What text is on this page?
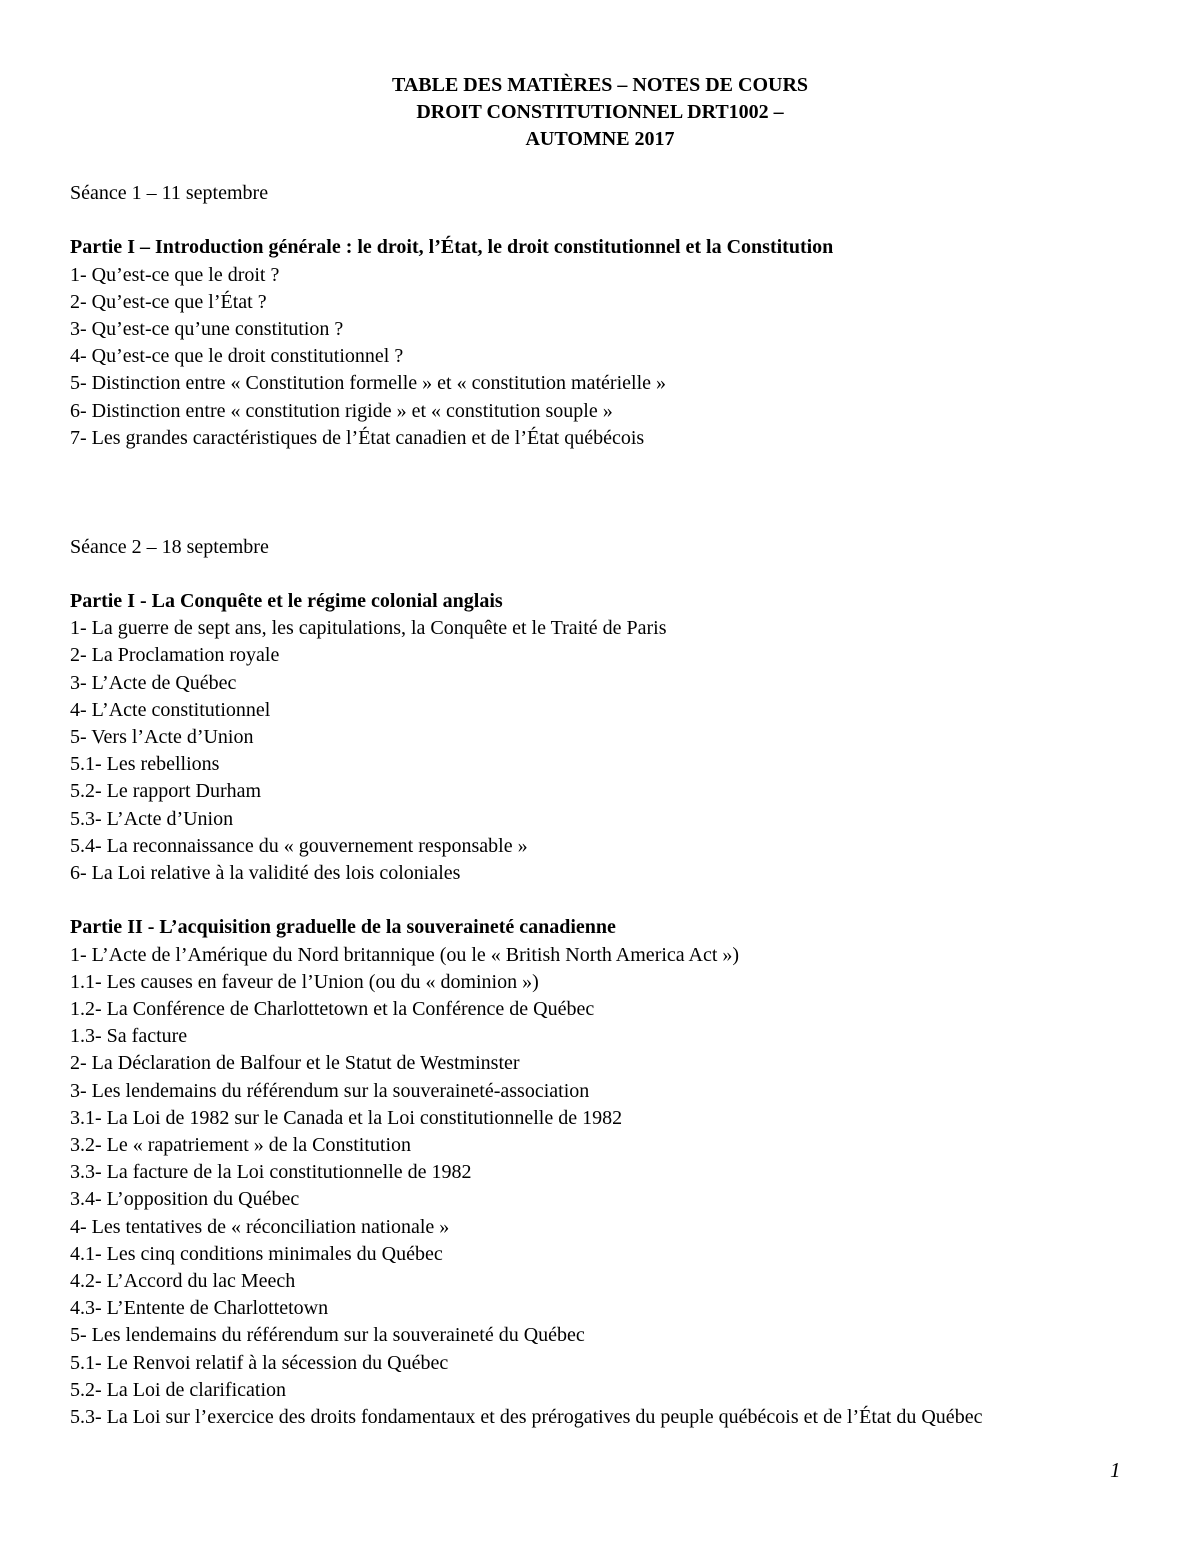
TABLE DES MATIÈRES – NOTES DE COURS
DROIT CONSTITUTIONNEL DRT1002 –
AUTOMNE 2017
Séance 1 – 11 septembre
Partie I – Introduction générale : le droit, l’État, le droit constitutionnel et la Constitution
1- Qu’est-ce que le droit ?
2- Qu’est-ce que l’État ?
3- Qu’est-ce qu’une constitution ?
4- Qu’est-ce que le droit constitutionnel ?
5- Distinction entre « Constitution formelle » et « constitution matérielle »
6- Distinction entre « constitution rigide » et « constitution souple »
7- Les grandes caractéristiques de l’État canadien et de l’État québécois
Séance 2 – 18 septembre
Partie I - La Conquête et le régime colonial anglais
1- La guerre de sept ans, les capitulations, la Conquête et le Traité de Paris
2- La Proclamation royale
3- L’Acte de Québec
4- L’Acte constitutionnel
5- Vers l’Acte d’Union
5.1- Les rebellions
5.2- Le rapport Durham
5.3- L’Acte d’Union
5.4- La reconnaissance du « gouvernement responsable »
6- La Loi relative à la validité des lois coloniales
Partie II - L’acquisition graduelle de la souveraineté canadienne
1- L’Acte de l’Amérique du Nord britannique (ou le « British North America Act »)
1.1- Les causes en faveur de l’Union (ou du « dominion »)
1.2- La Conférence de Charlottetown et la Conférence de Québec
1.3- Sa facture
2- La Déclaration de Balfour et le Statut de Westminster
3- Les lendemains du référendum sur la souveraineté-association
3.1- La Loi de 1982 sur le Canada et la Loi constitutionnelle de 1982
3.2- Le « rapatriement » de la Constitution
3.3- La facture de la Loi constitutionnelle de 1982
3.4- L’opposition du Québec
4- Les tentatives de « réconciliation nationale »
4.1- Les cinq conditions minimales du Québec
4.2- L’Accord du lac Meech
4.3- L’Entente de Charlottetown
5- Les lendemains du référendum sur la souveraineté du Québec
5.1- Le Renvoi relatif à la sécession du Québec
5.2- La Loi de clarification
5.3- La Loi sur l’exercice des droits fondamentaux et des prérogatives du peuple québécois et de l’État du Québec
1
